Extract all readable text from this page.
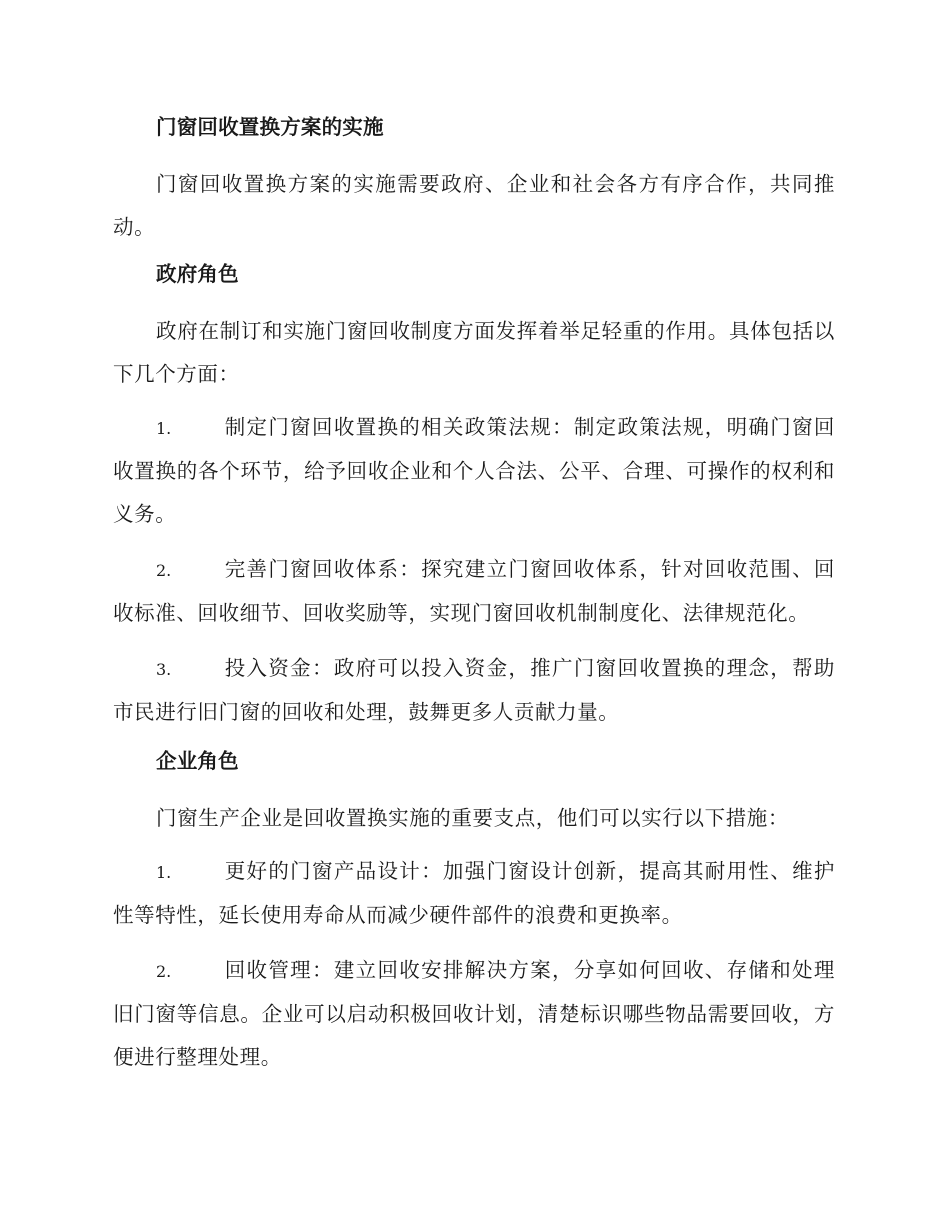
门窗回收置换方案的实施

门窗回收置换方案的实施需要政府、企业和社会各方有序合作，共同推动。

政府角色

政府在制订和实施门窗回收制度方面发挥着举足轻重的作用。具体包括以下几个方面：

1.	制定门窗回收置换的相关政策法规：制定政策法规，明确门窗回收置换的各个环节，给予回收企业和个人合法、公平、合理、可操作的权利和义务。

2.	完善门窗回收体系：探究建立门窗回收体系，针对回收范围、回收标准、回收细节、回收奖励等，实现门窗回收机制制度化、法律规范化。

3.	投入资金：政府可以投入资金，推广门窗回收置换的理念，帮助市民进行旧门窗的回收和处理，鼓舞更多人贡献力量。

企业角色

门窗生产企业是回收置换实施的重要支点，他们可以实行以下措施：

1.	更好的门窗产品设计：加强门窗设计创新，提高其耐用性、维护性等特性，延长使用寿命从而减少硬件部件的浪费和更换率。

2.	回收管理：建立回收安排解决方案，分享如何回收、存储和处理旧门窗等信息。企业可以启动积极回收计划，清楚标识哪些物品需要回收，方便进行整理处理。
